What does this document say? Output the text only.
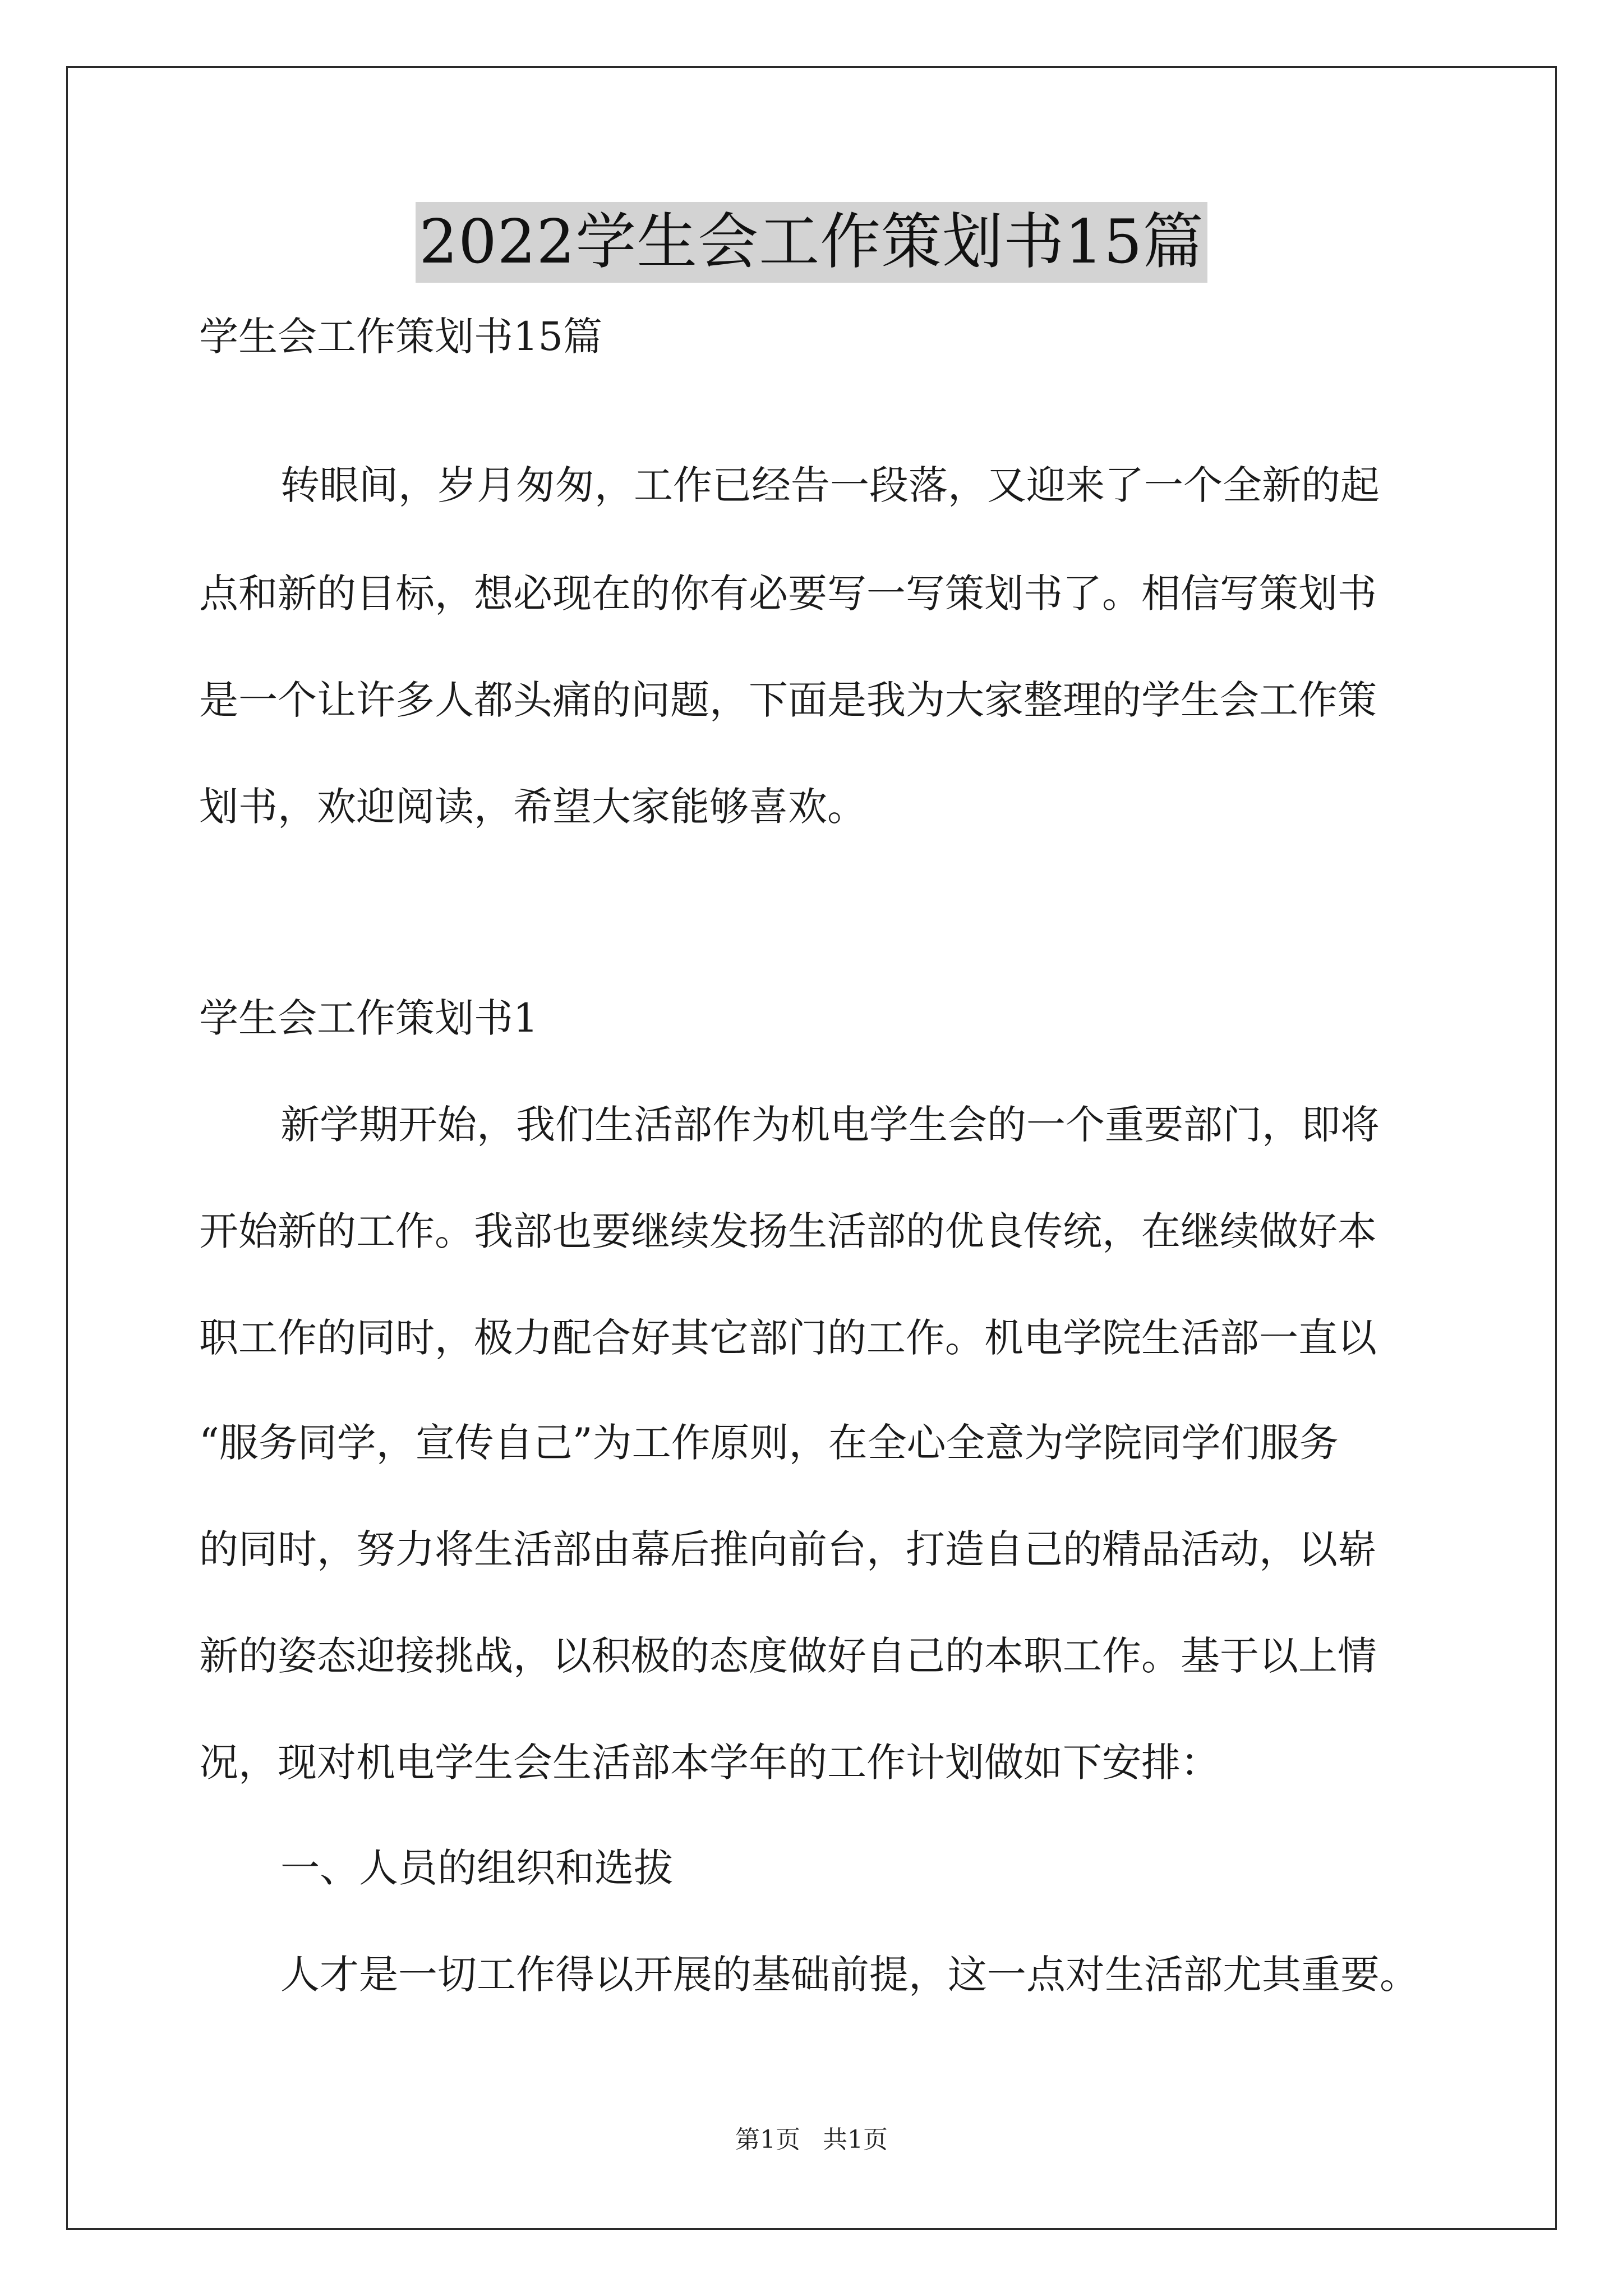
2022学生会工作策划书15篇
学生会工作策划书15篇
转眼间，岁月匆匆，工作已经告一段落，又迎来了一个全新的起
点和新的目标，想必现在的你有必要写一写策划书了。相信写策划书
是一个让许多人都头痛的问题，下面是我为大家整理的学生会工作策
划书，欢迎阅读，希望大家能够喜欢。
学生会工作策划书1
新学期开始，我们生活部作为机电学生会的一个重要部门，即将
开始新的工作。我部也要继续发扬生活部的优良传统，在继续做好本
职工作的同时，极力配合好其它部门的工作。机电学院生活部一直以
“服务同学，宣传自己”为工作原则，在全心全意为学院同学们服务
的同时，努力将生活部由幕后推向前台，打造自己的精品活动，以崭
新的姿态迎接挑战，以积极的态度做好自己的本职工作。基于以上情
况，现对机电学生会生活部本学年的工作计划做如下安排：
一、人员的组织和选拔
人才是一切工作得以开展的基础前提，这一点对生活部尤其重要。
第1页 共1页
